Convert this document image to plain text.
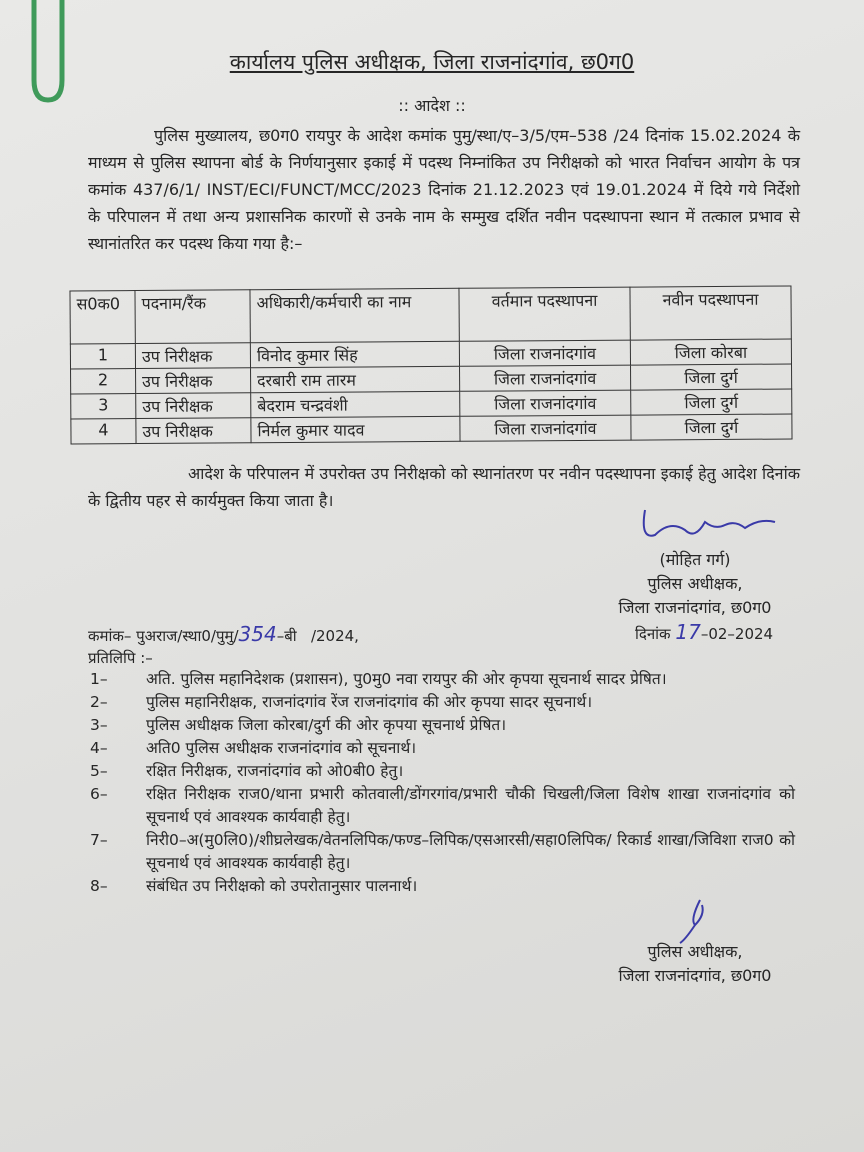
कार्यालय पुलिस अधीक्षक, जिला राजनांदगांव, छ0ग0
:: आदेश ::
पुलिस मुख्यालय, छ0ग0 रायपुर के आदेश कमांक पुमु/स्था/ए–3/5/एम–538 /24 दिनांक 15.02.2024 के माध्यम से पुलिस स्थापना बोर्ड के निर्णयानुसार इकाई में पदस्थ निम्नांकित उप निरीक्षको को भारत निर्वाचन आयोग के पत्र कमांक 437/6/1/ INST/ECI/FUNCT/MCC/2023 दिनांक 21.12.2023 एवं 19.01.2024 में दिये गये निर्देशो के परिपालन में तथा अन्य प्रशासनिक कारणों से उनके नाम के सम्मुख दर्शित नवीन पदस्थापना स्थान में तत्काल प्रभाव से स्थानांतरित कर पदस्थ किया गया है:–
स0क0	पदनाम/रैंक	अधिकारी/कर्मचारी का नाम	वर्तमान पदस्थापना	नवीन पदस्थापना
1	उप निरीक्षक	विनोद कुमार सिंह	जिला राजनांदगांव	जिला कोरबा
2	उप निरीक्षक	दरबारी राम तारम	जिला राजनांदगांव	जिला दुर्ग
3	उप निरीक्षक	बेदराम चन्द्रवंशी	जिला राजनांदगांव	जिला दुर्ग
4	उप निरीक्षक	निर्मल कुमार यादव	जिला राजनांदगांव	जिला दुर्ग
आदेश के परिपालन में उपरोक्त उप निरीक्षको को स्थानांतरण पर नवीन पदस्थापना इकाई हेतु आदेश दिनांक के द्वितीय पहर से कार्यमुक्त किया जाता है।
(मोहित गर्ग)
पुलिस अधीक्षक,
जिला राजनांदगांव, छ0ग0
कमांक– पुअराज/स्था0/पुमु/354–बी   /2024,	दिनांक 17–02–2024
प्रतिलिपि :–
1–	अति. पुलिस महानिदेशक (प्रशासन), पु0मु0 नवा रायपुर की ओर कृपया सूचनार्थ सादर प्रेषित।
2–	पुलिस महानिरीक्षक, राजनांदगांव रेंज राजनांदगांव की ओर कृपया सादर सूचनार्थ।
3–	पुलिस अधीक्षक जिला कोरबा/दुर्ग की ओर कृपया सूचनार्थ प्रेषित।
4–	अति0 पुलिस अधीक्षक राजनांदगांव को सूचनार्थ।
5–	रक्षित निरीक्षक, राजनांदगांव को ओ0बी0 हेतु।
6–	रक्षित निरीक्षक राज0/थाना प्रभारी कोतवाली/डोंगरगांव/प्रभारी चौकी चिखली/जिला विशेष शाखा राजनांदगांव को सूचनार्थ एवं आवश्यक कार्यवाही हेतु।
7–	निरी0–अ(मु0लि0)/शीघ्रलेखक/वेतनलिपिक/फण्ड–लिपिक/एसआरसी/सहा0लिपिक/ रिकार्ड शाखा/जिविशा राज0 को सूचनार्थ एवं आवश्यक कार्यवाही हेतु।
8–	संबंधित उप निरीक्षको को उपरोतानुसार पालनार्थ।
पुलिस अधीक्षक,
जिला राजनांदगांव, छ0ग0
